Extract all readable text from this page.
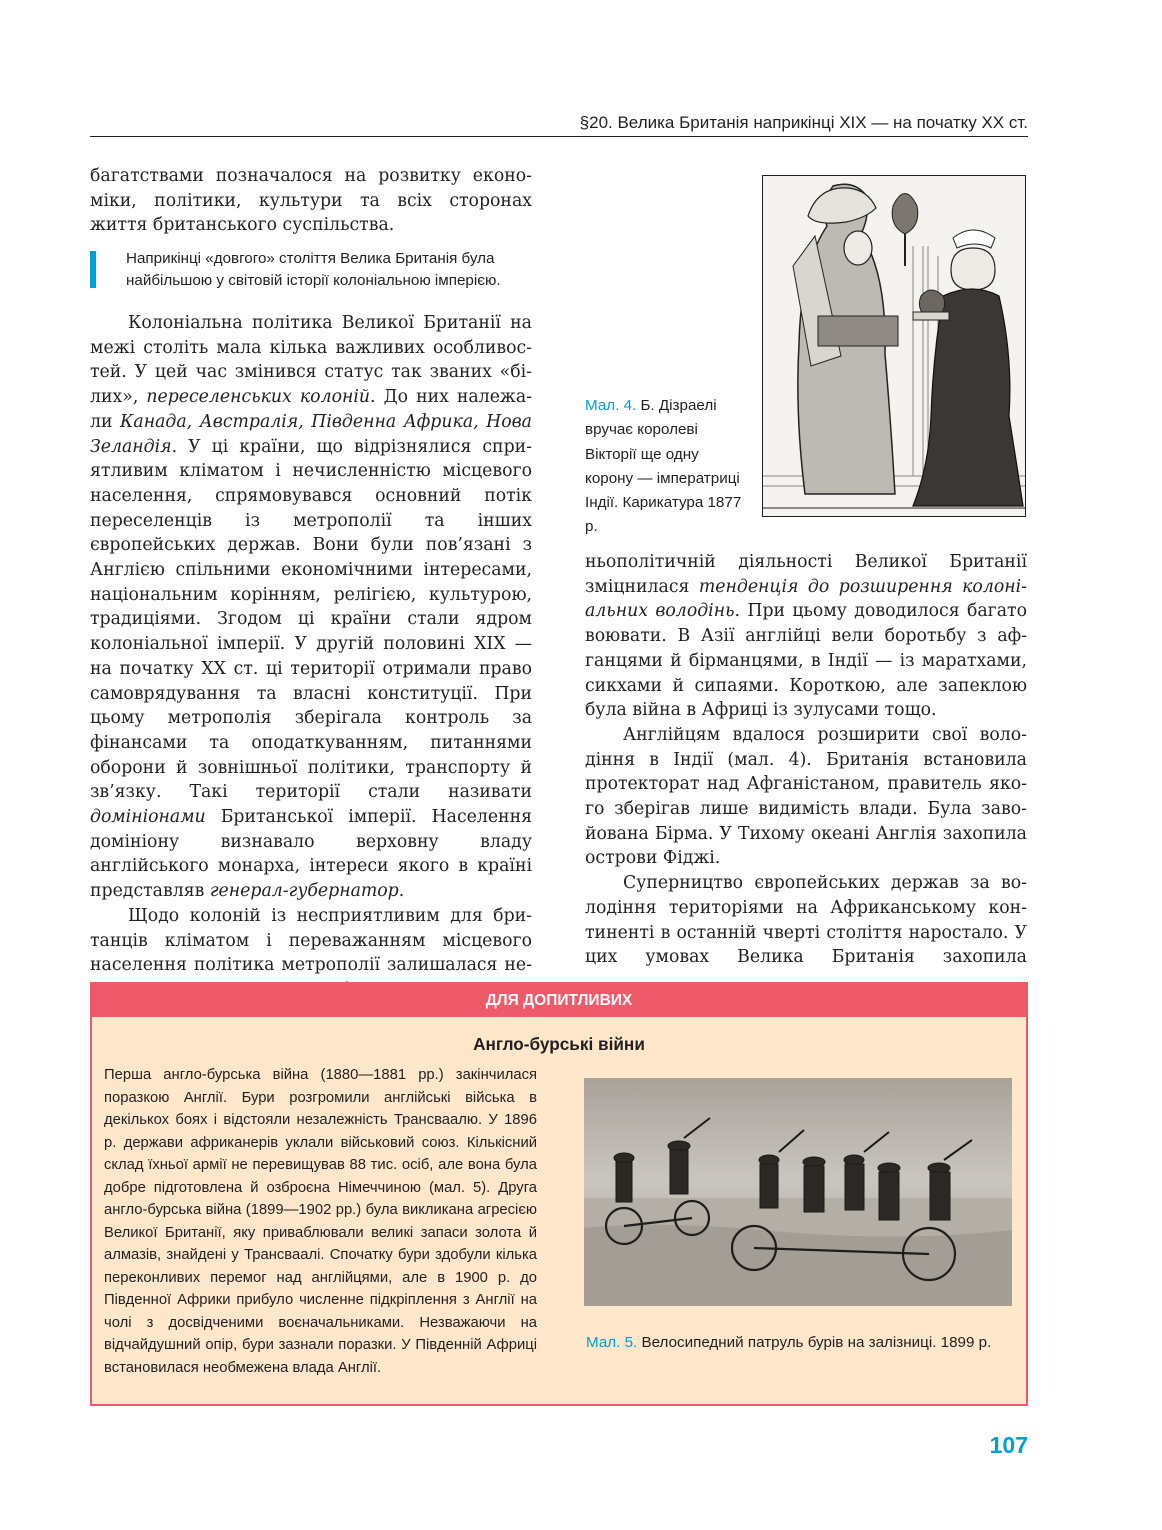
§20. Велика Британія наприкінці XIX — на початку XX ст.

багатствами позначалося на розвитку еконо-

міки, політики, культури та всіх сторонах

життя британського суспільства.

Наприкінці «довгого» століття Велика Британія була
найбільшою у світовій історії колоніальною імперією.

Колоніальна політика Великої Британії на межі століть мала кілька важливих особливостей. У цей час змінився статус так званих «білих», переселенських колоній. До них належали Канада, Австралія, Південна Африка, Нова Зеландія. У ці країни, що відрізнялися сприятливим кліматом і нечисленністю місцевого населення, спрямовувався основний потік переселенців із метрополії та інших європейських держав. Вони були пов’язані з Англією спільними економічними інтересами, національним корінням, релігією, культурою, традиціями. Згодом ці країни стали ядром колоніальної імперії. У другій половині XIX — на початку XX ст. ці території отримали право самоврядування та власні конституції. При цьому метрополія зберігала контроль за фінансами та оподаткуванням, питаннями оборони й зовнішньої політики, транспорту й зв’язку. Такі території стали називати домініонами Британської імперії. Населення домініону визнавало верховну владу англійського монарха, інтереси якого в країні представляв генерал-губернатор.

Щодо колоній із несприятливим для британців кліматом і переважанням місцевого населення політика метрополії залишалася не

Мал. 4. Б. Дізраелі вручає королеві Вікторії ще одну корону — імператриці Індії. Карикатура 1877 р.

ньополітичній діяльності Великої Британії зміцнилася тенденція до розширення колоніальних володінь. При цьому доводилося багато воювати. В Азії англійці вели боротьбу з афганцями й бірманцями, в Індії — із маратхами, сикхами й сипаями. Короткою, але запеклою була війна в Африці із зулусами тощо.

Англійцям вдалося розширити свої володіння в Індії (мал. 4). Британія встановила протекторат над Афганістаном, правитель якого зберігав лише видимість влади. Була завойована Бірма. У Тихому океані Англія захопила острови Фіджі.

Суперництво європейських держав за володіння територіями на Африканському континенті в останній чверті століття наростало. У цих умовах Велика Британія захопила

ДЛЯ ДОПИТЛИВИХ
Англо-бурські війни
Перша англо-бурська війна (1880—1881 рр.) закінчилася поразкою Англії. Бури розгромили англійські війська в декількох боях і відстояли незалежність Трансваалю. У 1896 р. держави африканерів уклали військовий союз. Кількісний склад їхньої армії не перевищував 88 тис. осіб, але вона була добре підготовлена й озброєна Німеччиною (мал. 5). Друга англо-бурська війна (1899—1902 рр.) була викликана агресією Великої Британії, яку приваблювали великі запаси золота й алмазів, знайдені у Трансваалі. Спочатку бури здобули кілька переконливих перемог над англійцями, але в 1900 р. до Південної Африки прибуло численне підкріплення з Англії на чолі з досвідченими воєначальниками. Незважаючи на відчайдушний опір, бури зазнали поразки. У Південній Африці встановилася необмежена влада Англії.
Мал. 5. Велосипедний патруль бурів на залізниці. 1899 р.
107
